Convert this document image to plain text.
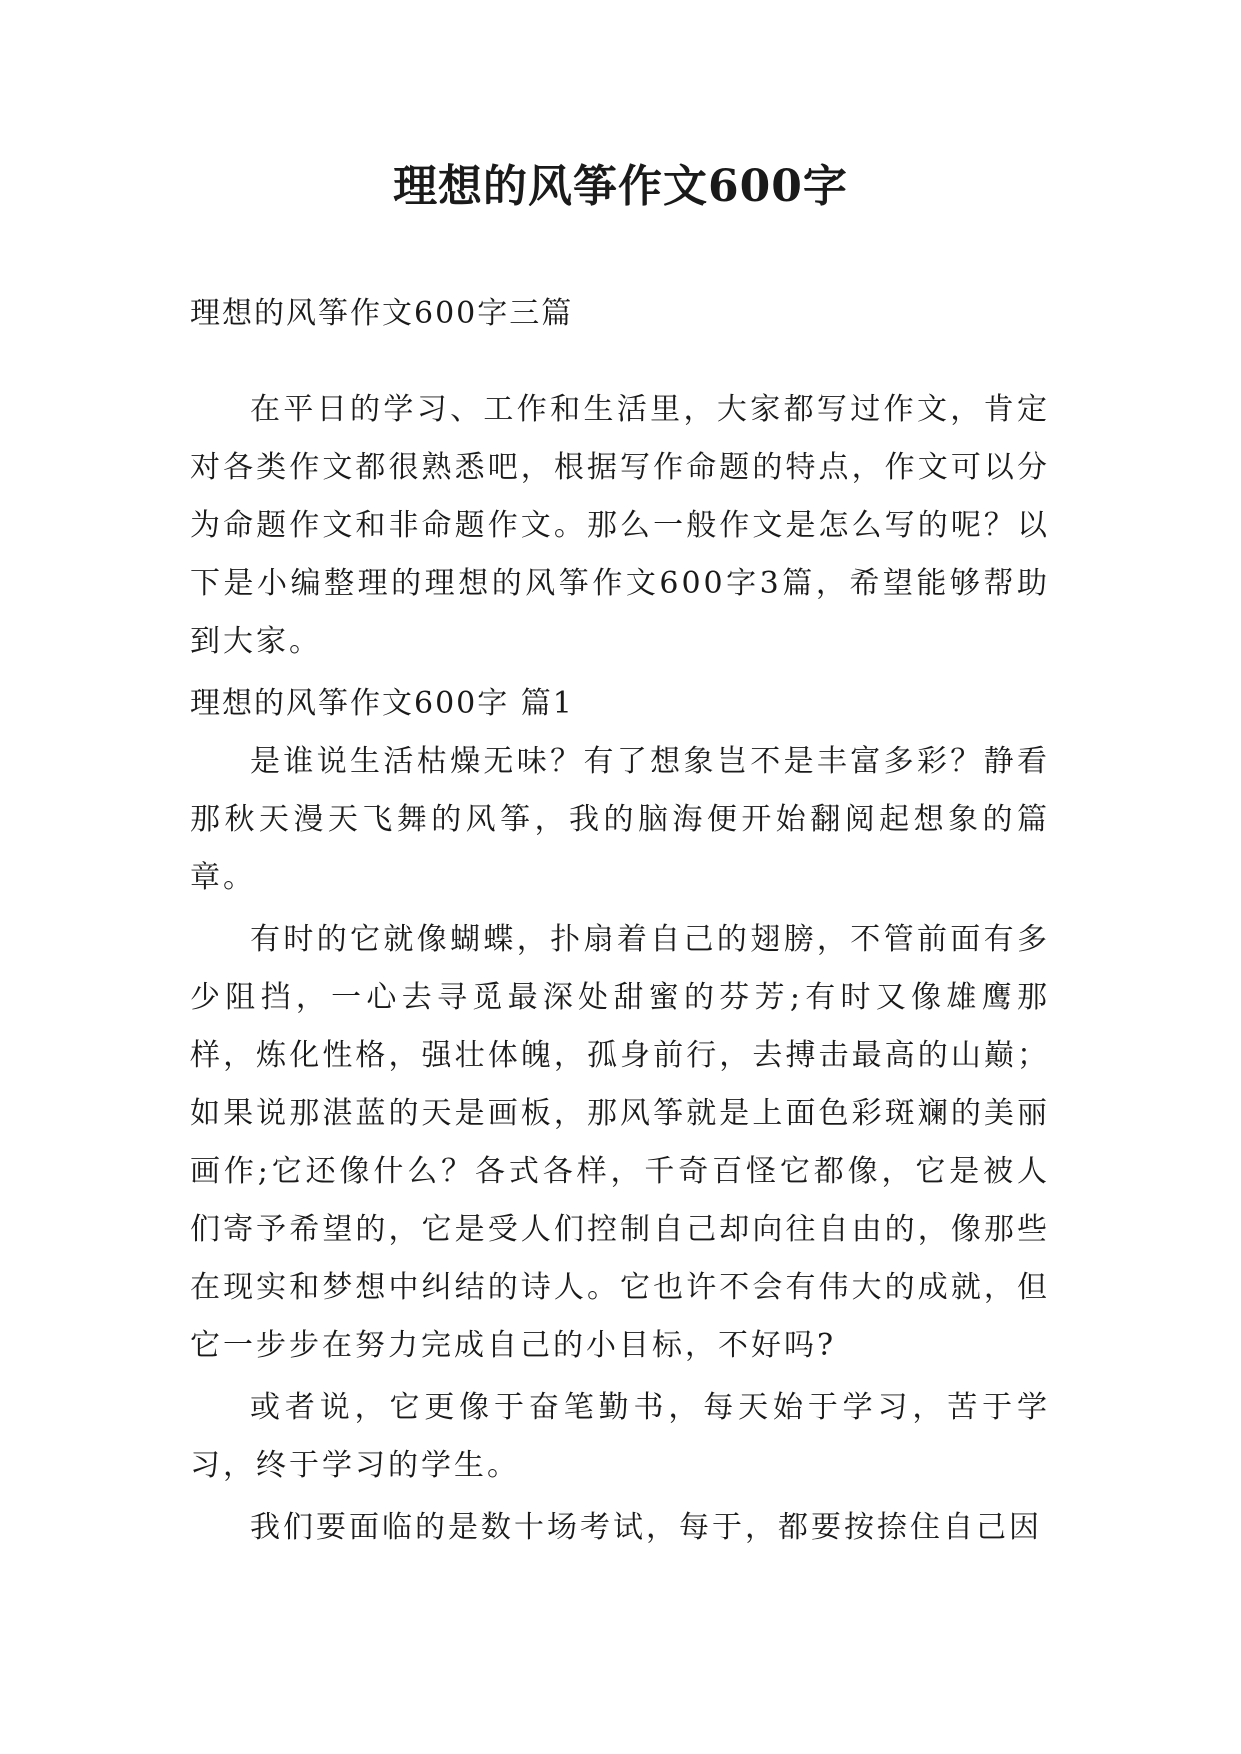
理想的风筝作文600字

理想的风筝作文600字三篇

在平日的学习、工作和生活里，大家都写过作文，肯定对各类作文都很熟悉吧，根据写作命题的特点，作文可以分为命题作文和非命题作文。那么一般作文是怎么写的呢？以下是小编整理的理想的风筝作文600字3篇，希望能够帮助到大家。

理想的风筝作文600字 篇1

是谁说生活枯燥无味？有了想象岂不是丰富多彩？静看那秋天漫天飞舞的风筝，我的脑海便开始翻阅起想象的篇章。

有时的它就像蝴蝶，扑扇着自己的翅膀，不管前面有多少阻挡，一心去寻觅最深处甜蜜的芬芳;有时又像雄鹰那样，炼化性格，强壮体魄，孤身前行，去搏击最高的山巅；如果说那湛蓝的天是画板，那风筝就是上面色彩斑斓的美丽画作;它还像什么？各式各样，千奇百怪它都像，它是被人们寄予希望的，它是受人们控制自己却向往自由的，像那些在现实和梦想中纠结的诗人。它也许不会有伟大的成就，但它一步步在努力完成自己的小目标，不好吗?

或者说，它更像于奋笔勤书，每天始于学习，苦于学习，终于学习的学生。

我们要面临的是数十场考试，每于，都要按捺住自己因
